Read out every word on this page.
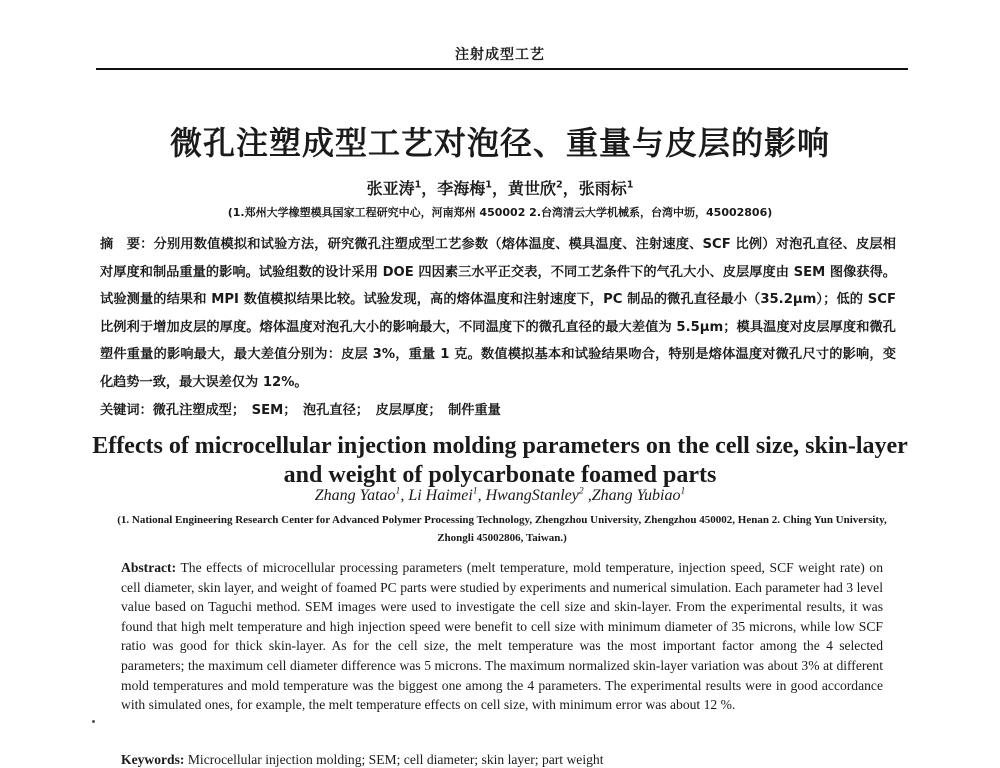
注射成型工艺
微孔注塑成型工艺对泡径、重量与皮层的影响
张亚涛$^1$，李海梅$^1$，黄世欣$^2$，张雨标$^1$
(1.郑州大学橡塑模具国家工程研究中心，河南郑州 450002 2.台湾清云大学机械系，台湾中坜，45002806)
摘　要：分别用数值模拟和试验方法，研究微孔注塑成型工艺参数（熔体温度、模具温度、注射速度、SCF 比例）对泡孔直径、皮层相对厚度和制品重量的影响。试验组数的设计采用 DOE 四因素三水平正交表，不同工艺条件下的气孔大小、皮层厚度由 SEM 图像获得。试验测量的结果和 MPI 数值模拟结果比较。试验发现，高的熔体温度和注射速度下，PC 制品的微孔直径最小（35.2μm）；低的 SCF 比例利于增加皮层的厚度。熔体温度对泡孔大小的影响最大，不同温度下的微孔直径的最大差值为 5.5μm；模具温度对皮层厚度和微孔塑件重量的影响最大，最大差值分别为：皮层 3%，重量 1 克。数值模拟基本和试验结果吻合，特别是熔体温度对微孔尺寸的影响，变化趋势一致，最大误差仅为 12%。
关键词：微孔注塑成型；　SEM；　泡孔直径；　皮层厚度；　制件重量
Effects of microcellular injection molding parameters on the cell size, skin-layer and weight of polycarbonate foamed parts
Zhang Yatao$^1$, Li Haimei$^1$, HwangStanley$^2$ ,Zhang Yubiao$^1$
(1. National Engineering Research Center for Advanced Polymer Processing Technology, Zhengzhou University, Zhengzhou 450002, Henan 2. Ching Yun University, Zhongli 45002806, Taiwan.)
Abstract: The effects of microcellular processing parameters (melt temperature, mold temperature, injection speed, SCF weight rate) on cell diameter, skin layer, and weight of foamed PC parts were studied by experiments and numerical simulation. Each parameter had 3 level value based on Taguchi method. SEM images were used to investigate the cell size and skin-layer. From the experimental results, it was found that high melt temperature and high injection speed were benefit to cell size with minimum diameter of 35 microns, while low SCF ratio was good for thick skin-layer. As for the cell size, the melt temperature was the most important factor among the 4 selected parameters; the maximum cell diameter difference was 5 microns. The maximum normalized skin-layer variation was about 3% at different mold temperatures and mold temperature was the biggest one among the 4 parameters. The experimental results were in good accordance with simulated ones, for example, the melt temperature effects on cell size, with minimum error was about 12 %.
Keywords: Microcellular injection molding; SEM; cell diameter; skin layer; part weight
